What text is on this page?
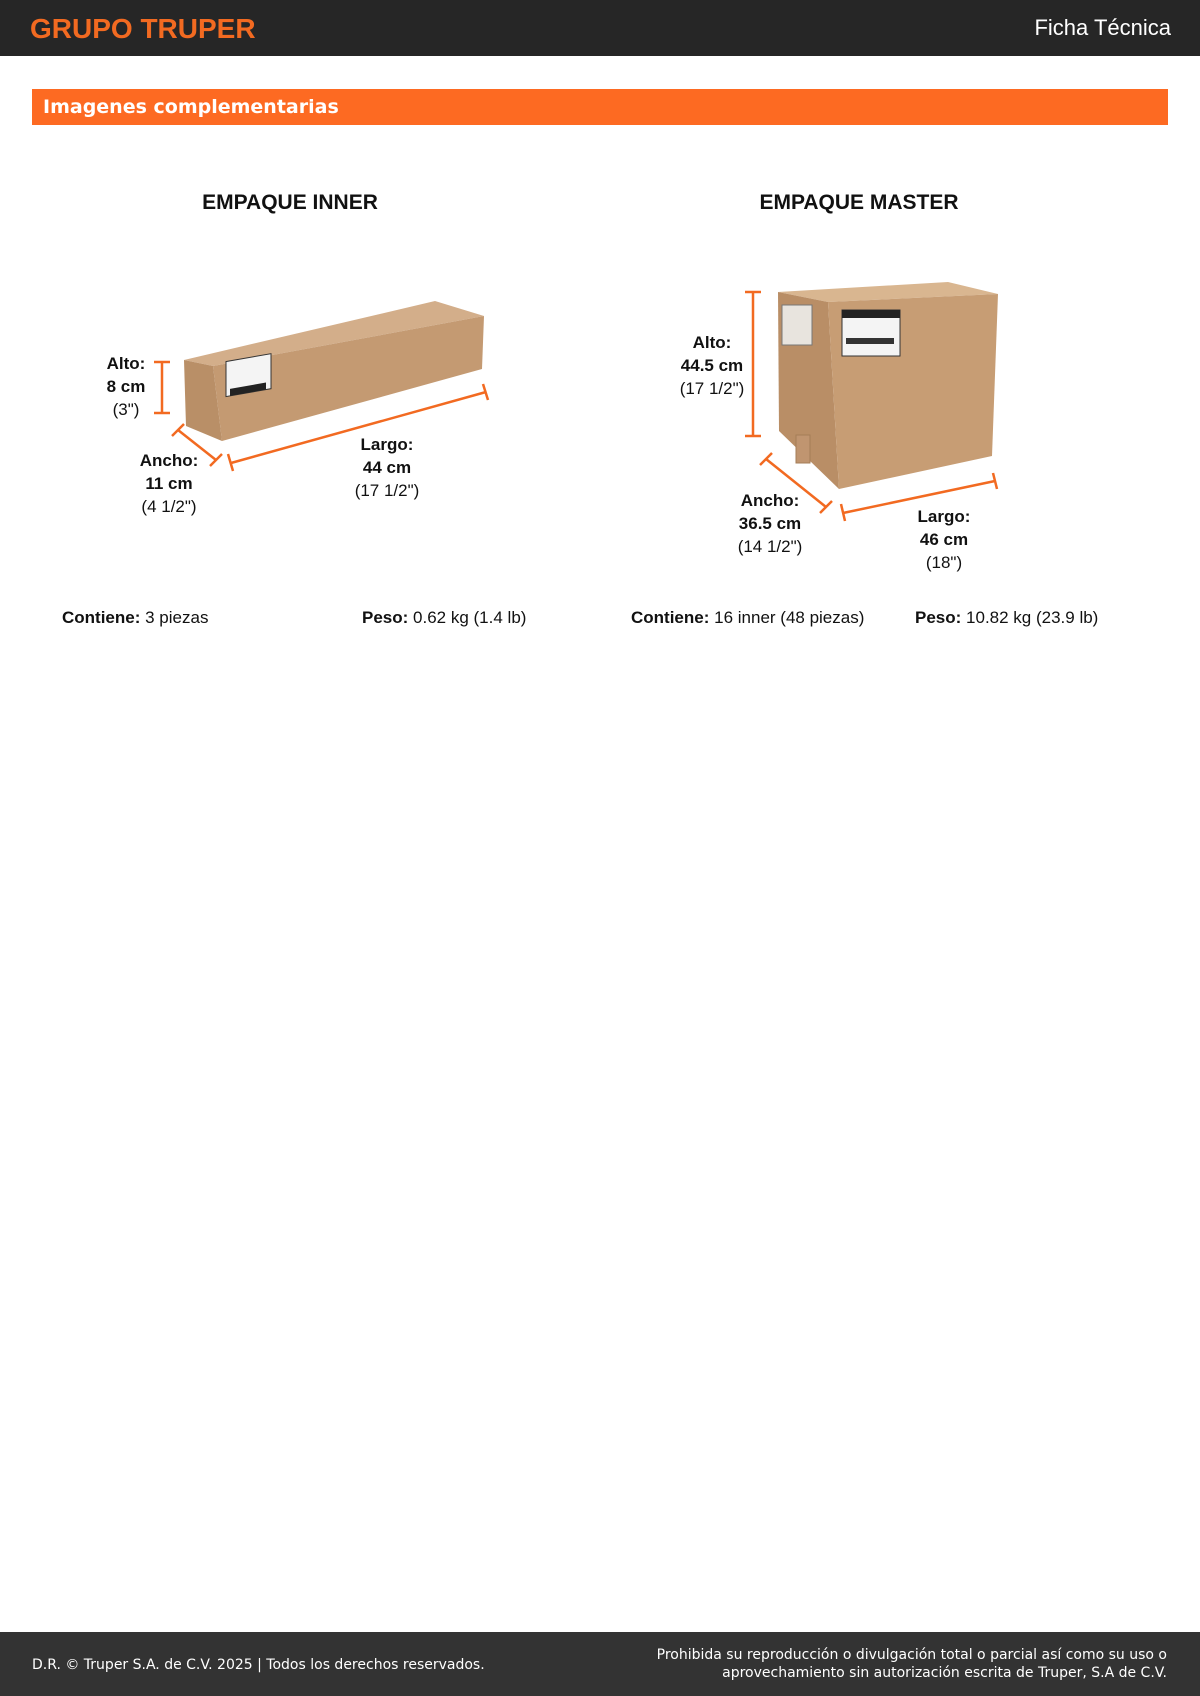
GRUPO TRUPER	Ficha Técnica
Imagenes complementarias
EMPAQUE INNER
Alto:
8 cm
(3")
Ancho:
11 cm
(4 1/2")
Largo:
44 cm
(17 1/2")
Contiene: 3 piezas	Peso: 0.62 kg (1.4 lb)
EMPAQUE MASTER
Alto:
44.5 cm
(17 1/2")
Ancho:
36.5 cm
(14 1/2")
Largo:
46 cm
(18")
Contiene: 16 inner (48 piezas)	Peso: 10.82 kg (23.9 lb)
D.R. © Truper S.A. de C.V. 2025 | Todos los derechos reservados.
Prohibida su reproducción o divulgación total o parcial así como su uso o
aprovechamiento sin autorización escrita de Truper, S.A de C.V.
